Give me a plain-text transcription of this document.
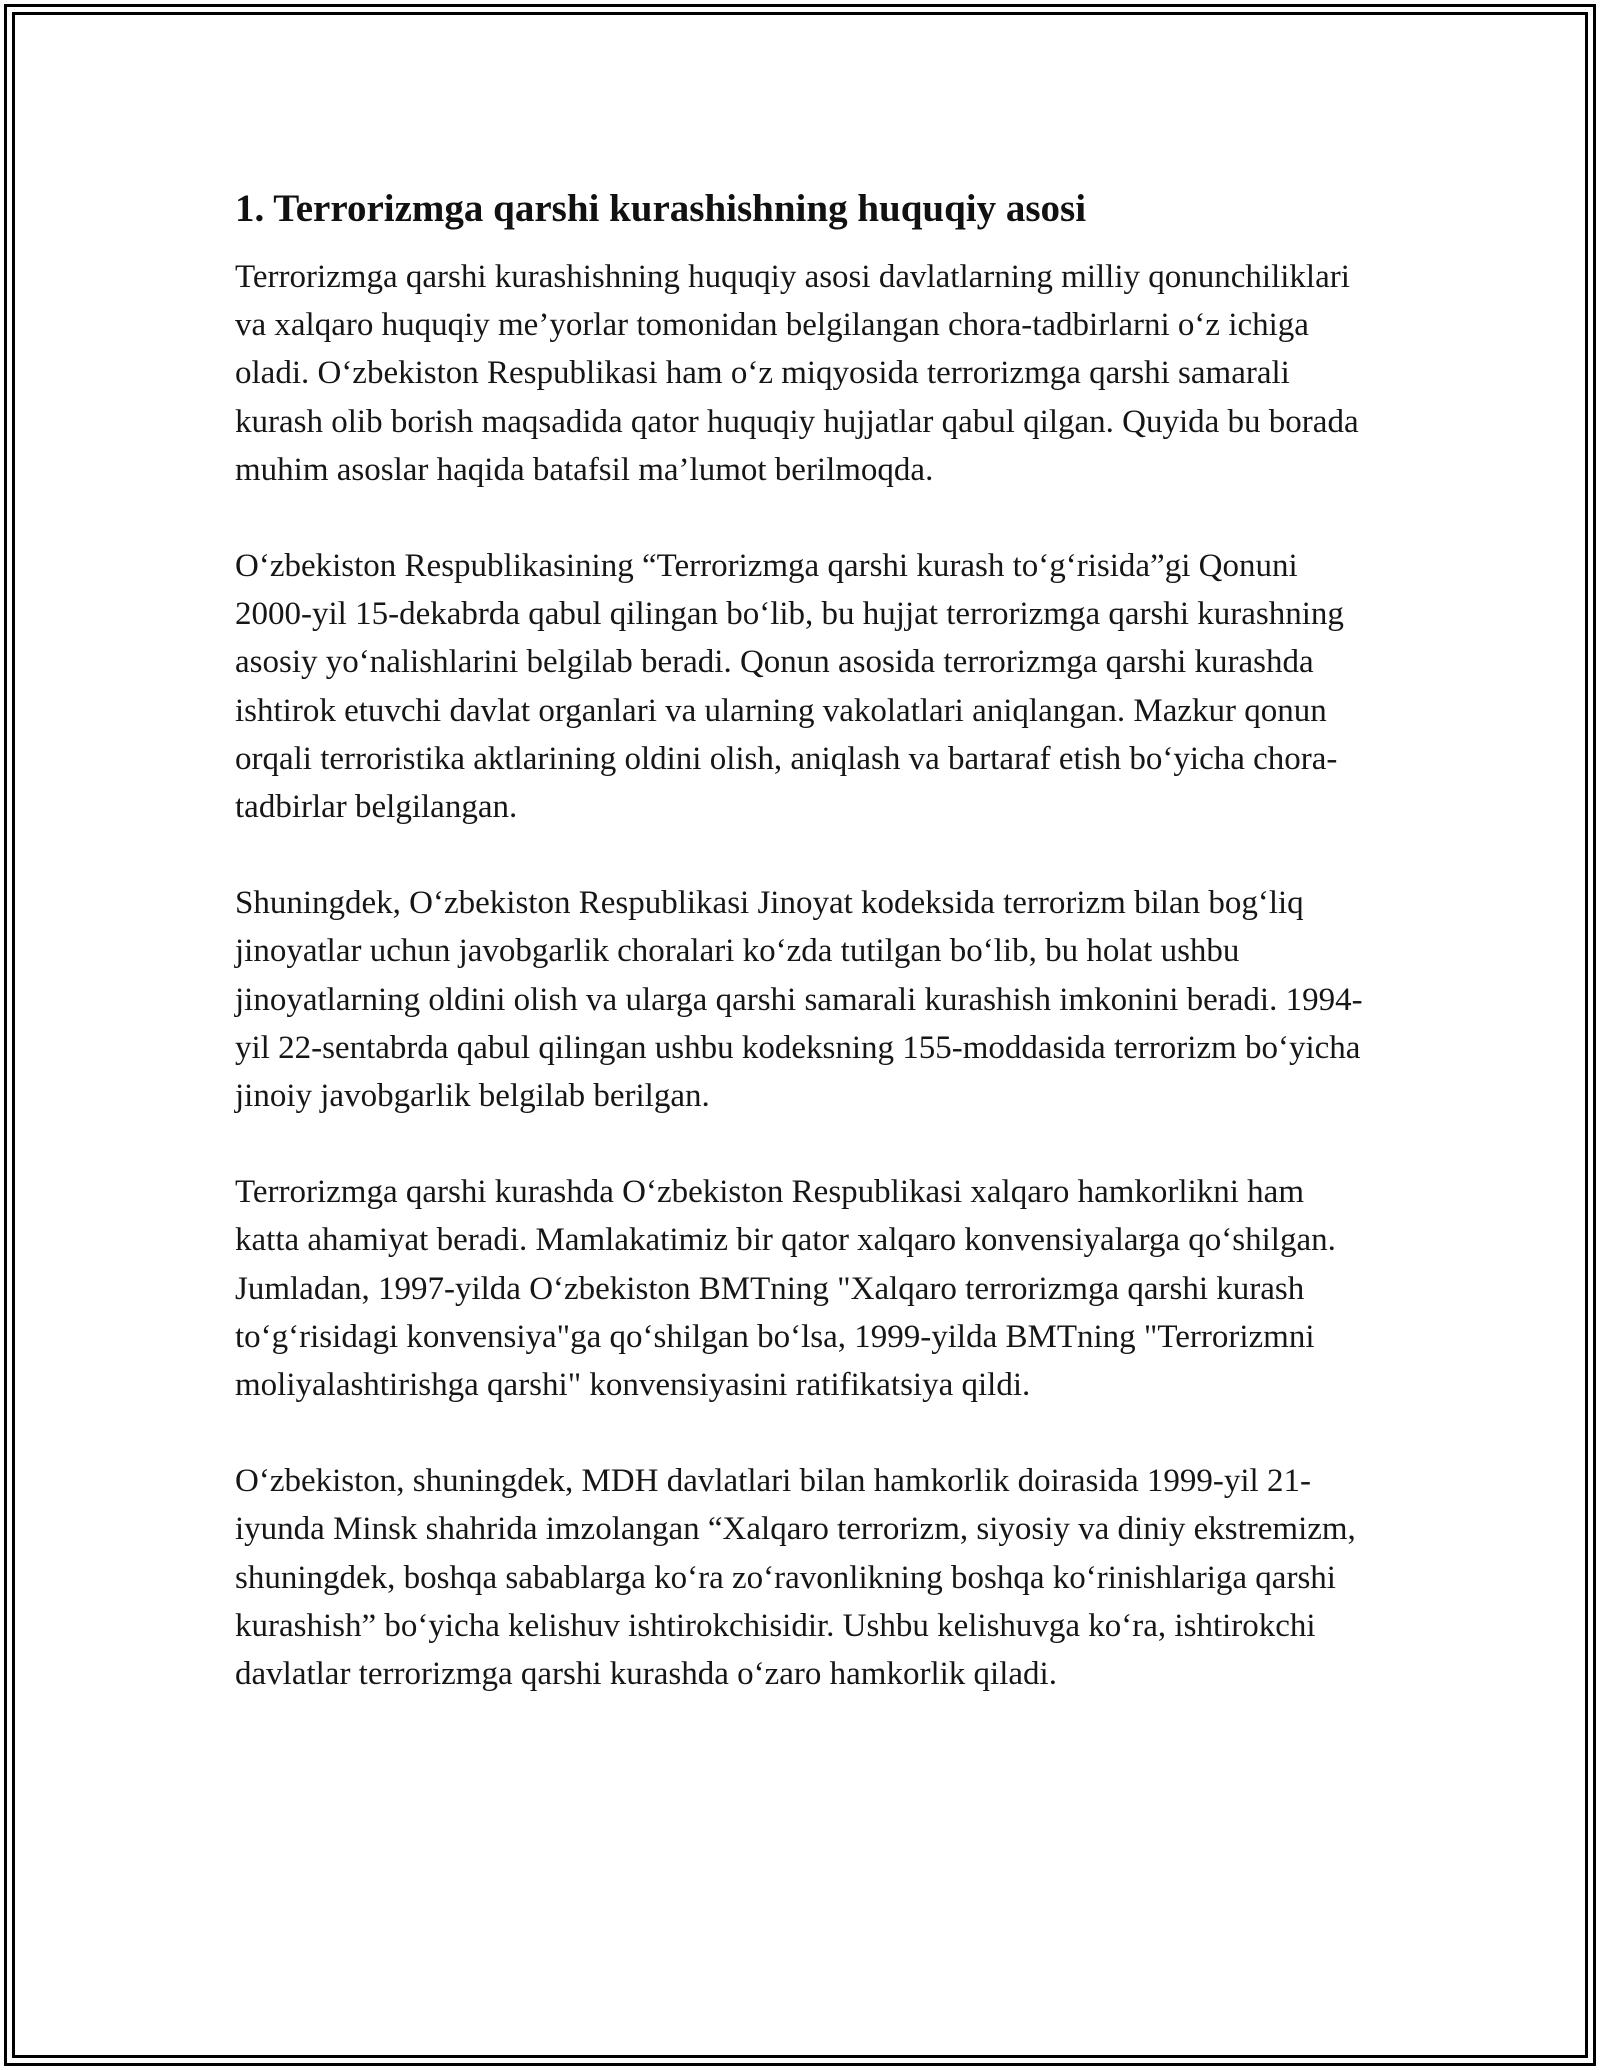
1. Terrorizmga qarshi kurashishning huquqiy asosi

Terrorizmga qarshi kurashishning huquqiy asosi davlatlarning milliy qonunchiliklari va xalqaro huquqiy me’yorlar tomonidan belgilangan chora-tadbirlarni o‘z ichiga oladi. O‘zbekiston Respublikasi ham o‘z miqyosida terrorizmga qarshi samarali kurash olib borish maqsadida qator huquqiy hujjatlar qabul qilgan. Quyida bu borada muhim asoslar haqida batafsil ma’lumot berilmoqda.

O‘zbekiston Respublikasining “Terrorizmga qarshi kurash to‘g‘risida”gi Qonuni 2000-yil 15-dekabrda qabul qilingan bo‘lib, bu hujjat terrorizmga qarshi kurashning asosiy yo‘nalishlarini belgilab beradi. Qonun asosida terrorizmga qarshi kurashda ishtirok etuvchi davlat organlari va ularning vakolatlari aniqlangan. Mazkur qonun orqali terroristika aktlarining oldini olish, aniqlash va bartaraf etish bo‘yicha chora-tadbirlar belgilangan.

Shuningdek, O‘zbekiston Respublikasi Jinoyat kodeksida terrorizm bilan bog‘liq jinoyatlar uchun javobgarlik choralari ko‘zda tutilgan bo‘lib, bu holat ushbu jinoyatlarning oldini olish va ularga qarshi samarali kurashish imkonini beradi. 1994-yil 22-sentabrda qabul qilingan ushbu kodeksning 155-moddasida terrorizm bo‘yicha jinoiy javobgarlik belgilab berilgan.

Terrorizmga qarshi kurashda O‘zbekiston Respublikasi xalqaro hamkorlikni ham katta ahamiyat beradi. Mamlakatimiz bir qator xalqaro konvensiyalarga qo‘shilgan. Jumladan, 1997-yilda O‘zbekiston BMTning "Xalqaro terrorizmga qarshi kurash to‘g‘risidagi konvensiya"ga qo‘shilgan bo‘lsa, 1999-yilda BMTning "Terrorizmni moliyalashtirishga qarshi" konvensiyasini ratifikatsiya qildi.

O‘zbekiston, shuningdek, MDH davlatlari bilan hamkorlik doirasida 1999-yil 21-iyunda Minsk shahrida imzolangan “Xalqaro terrorizm, siyosiy va diniy ekstremizm, shuningdek, boshqa sabablarga ko‘ra zo‘ravonlikning boshqa ko‘rinishlariga qarshi kurashish” bo‘yicha kelishuv ishtirokchisidir. Ushbu kelishuvga ko‘ra, ishtirokchi davlatlar terrorizmga qarshi kurashda o‘zaro hamkorlik qiladi.
